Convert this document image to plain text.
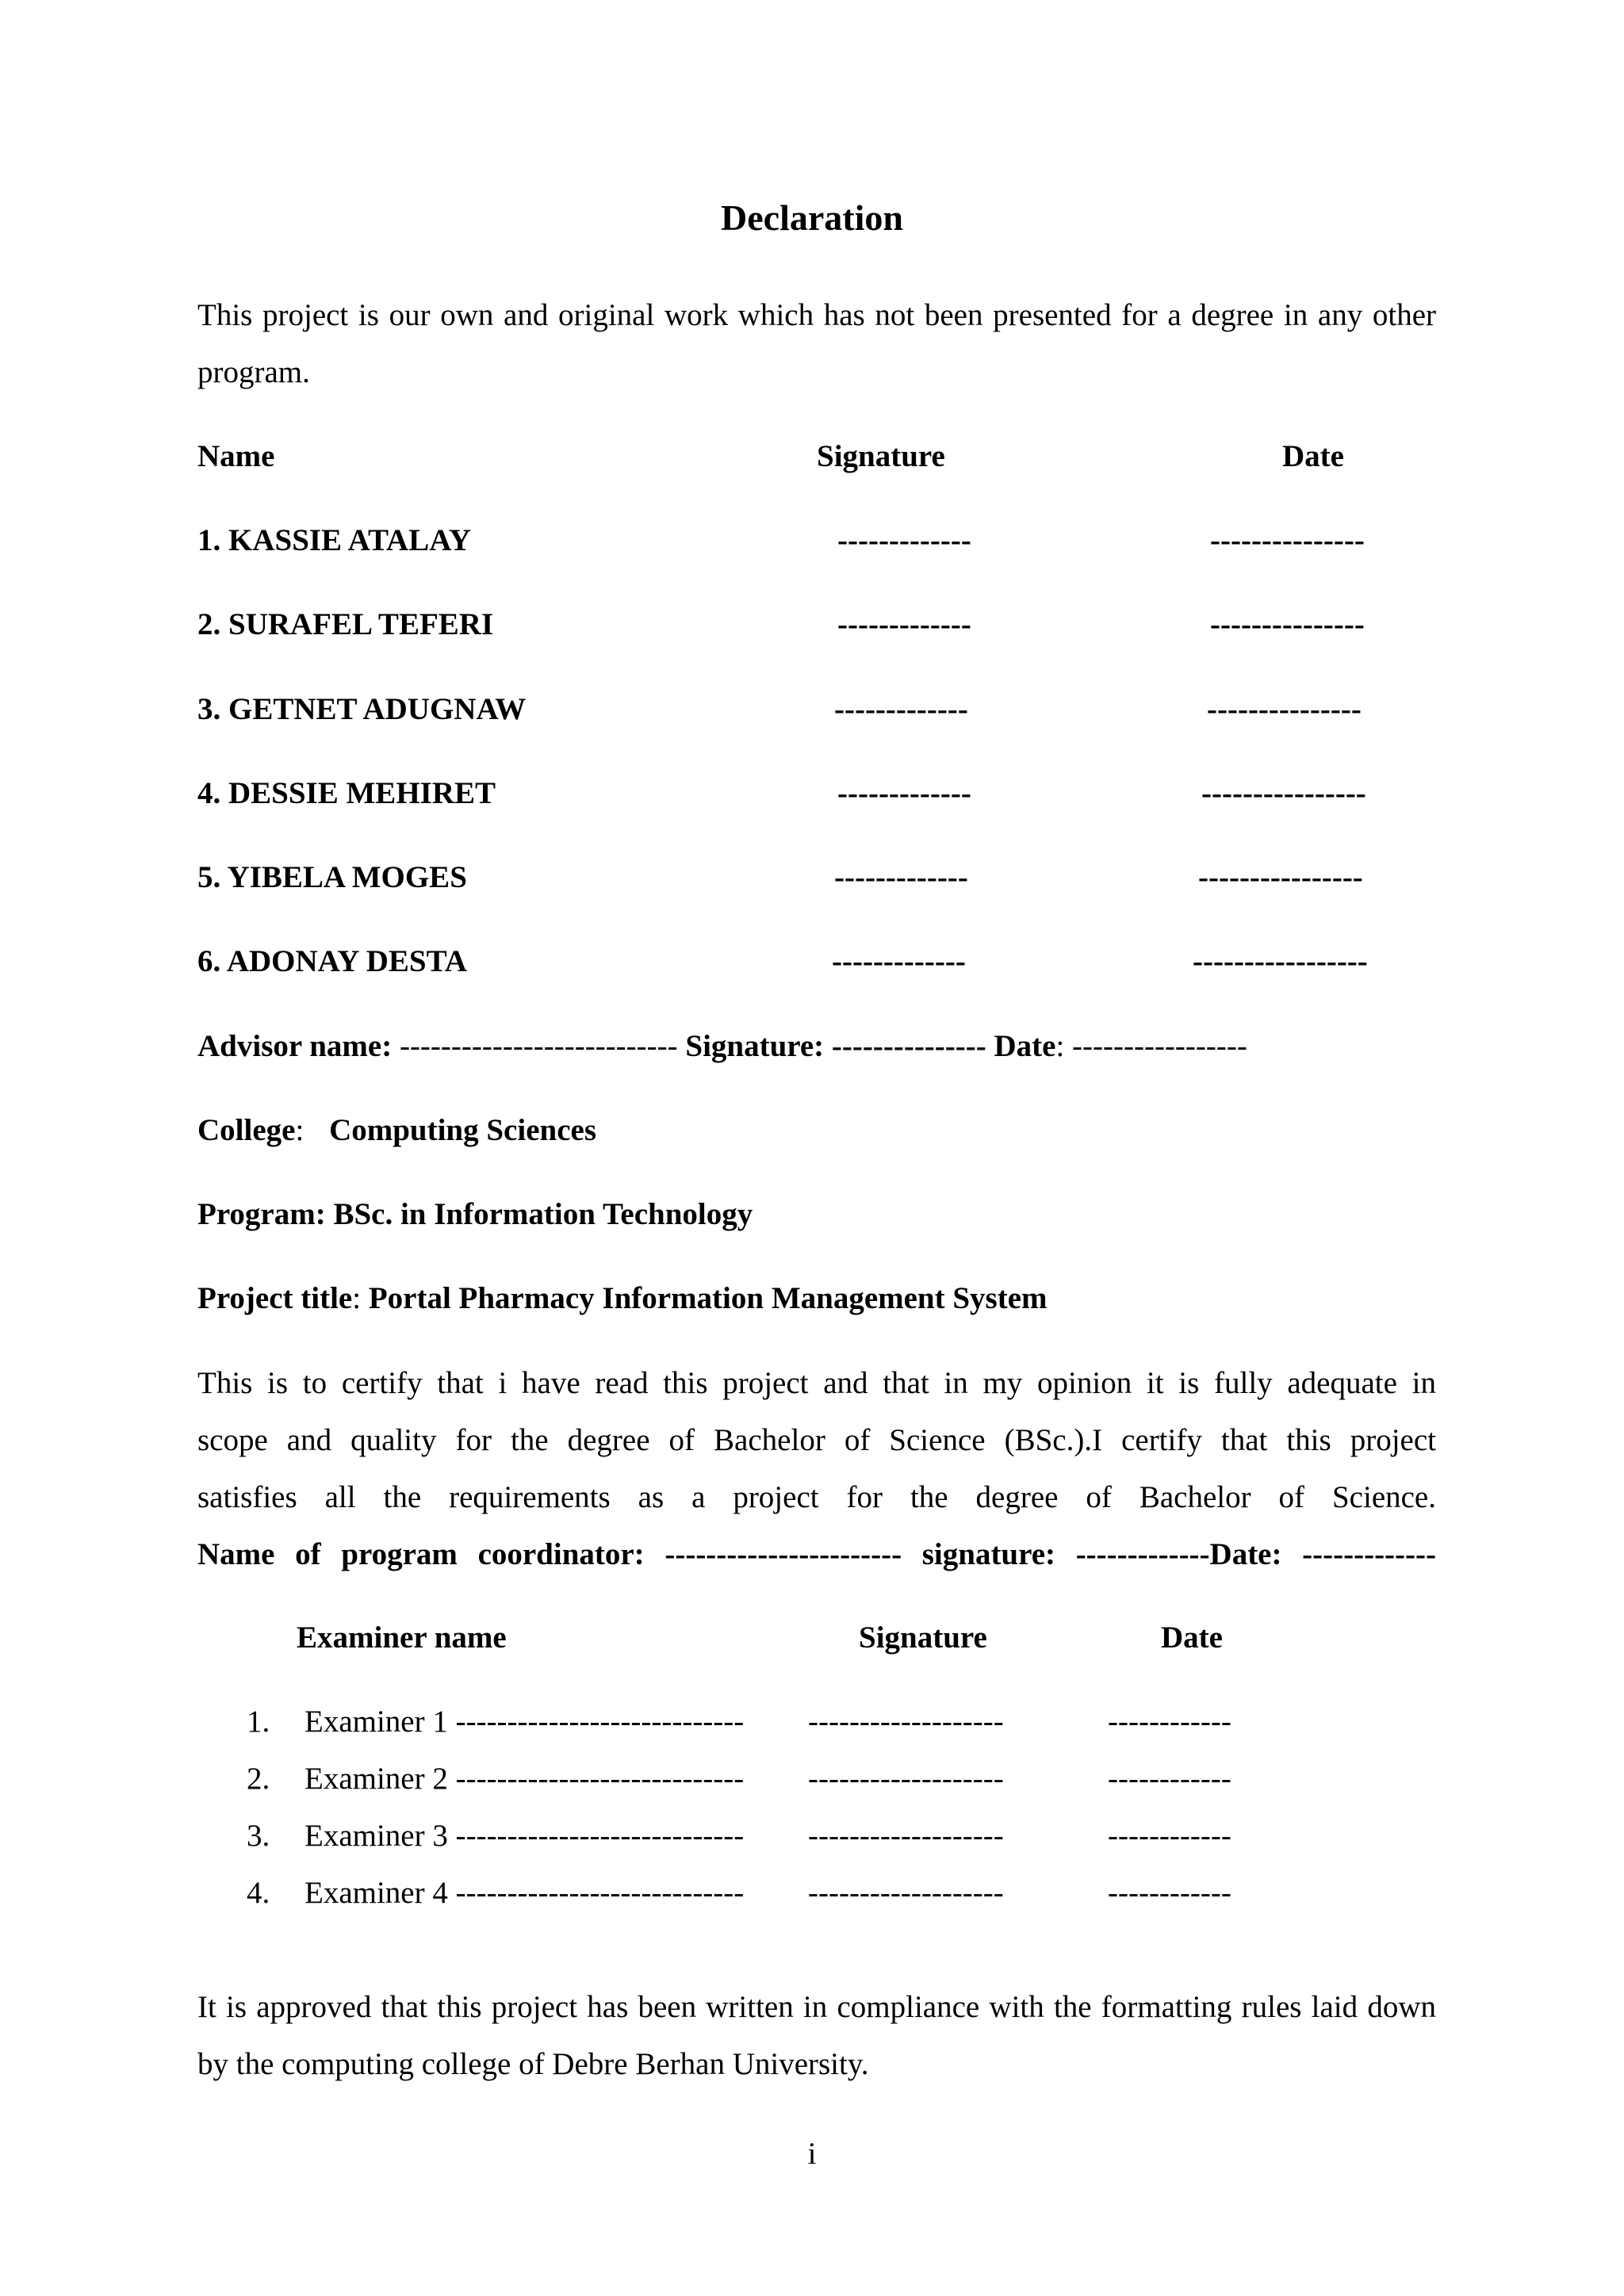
Declaration
This project is our own and original work which has not been presented for a degree in any other program.
Name	Signature	Date
1. KASSIE ATALAY	-------------	---------------
2. SURAFEL TEFERI	-------------	---------------
3. GETNET ADUGNAW	-------------	---------------
4. DESSIE MEHIRET	-------------	----------------
5. YIBELA MOGES	-------------	----------------
6. ADONAY DESTA	-------------	-----------------
Advisor name: --------------------------- Signature: --------------- Date: -----------------
College: Computing Sciences
Program: BSc. in Information Technology
Project title: Portal Pharmacy Information Management System
This is to certify that i have read this project and that in my opinion it is fully adequate in
scope and quality for the degree of Bachelor of Science (BSc.).I certify that this project
satisfies all the requirements as a project for the degree of Bachelor of Science.
Name of program coordinator: ----------------------- signature: -------------Date: -------------
Examiner name	Signature	Date
1. Examiner 1 ---------------------------- -------------------	------------
2. Examiner 2 ---------------------------- -------------------	------------
3. Examiner 3 ---------------------------- -------------------	------------
4. Examiner 4 ---------------------------- -------------------	------------
It is approved that this project has been written in compliance with the formatting rules laid down by the computing college of Debre Berhan University.
i
